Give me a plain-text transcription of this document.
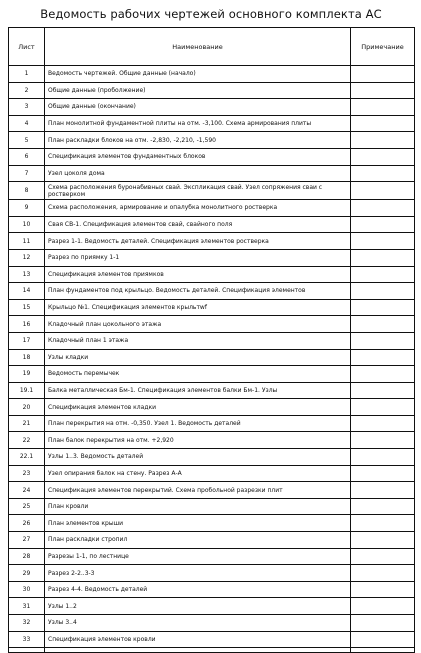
Ведомость рабочих чертежей основного комплекта АС
Лист	Наименование	Примечание
1	Ведомость чертежей. Общие данные (начало)	
2	Общие данные (проболжение)	
3	Общие данные (окончание)	
4	План монолитной фундаментной плиты на отм. -3,100. Схема армирования плиты	
5	План раскладки блоков на отм. -2,830, -2,210, -1,590	
6	Спецификация элементов фундаментных блоков	
7	Узел цоколя дома	
8	Схема расположения буронабивных свай. Экспликация свай. Узел сопряжения сваи с ростверком	
9	Схема расположения, армирование и опалубка монолитного ростверка	
10	Свая СВ-1. Спецификация элементов свай, свайного поля	
11	Разрез 1-1. Ведомость деталей. Спецификация элементов ростверка	
12	Разрез по приямку 1-1	
13	Спецификация элементов приямков	
14	План фундаментов под крыльцо. Ведомость деталей. Спецификация элементов	
15	Крыльцо №1. Спецификация элементов крыльтwf	
16	Кладочный план цокольного этажа	
17	Кладочный план 1 этажа	
18	Узлы кладки	
19	Ведомость перемычек	
19.1	Балка металлическая Бм-1. Спецификация элементов балки Бм-1. Узлы	
20	Спецификация элементов кладки	
21	План перекрытия на отм. -0,350. Узел 1. Ведомость деталей	
22	План балок перекрытия на отм. +2,920	
22.1	Узлы 1..3. Ведомость деталей	
23	Узел опирания балок на стену. Разрез А-А	
24	Спецификация элементов перекрытий. Схема пробольной разрезки плит	
25	План кровли	
26	План элементов крыши	
27	План раскладки стропил	
28	Разрезы 1-1, по лестнице	
29	Разрез 2-2..3-3	
30	Разрез 4-4. Ведомость деталей	
31	Узлы 1..2	
32	Узлы 3..4	
33	Спецификация элементов кровли	
